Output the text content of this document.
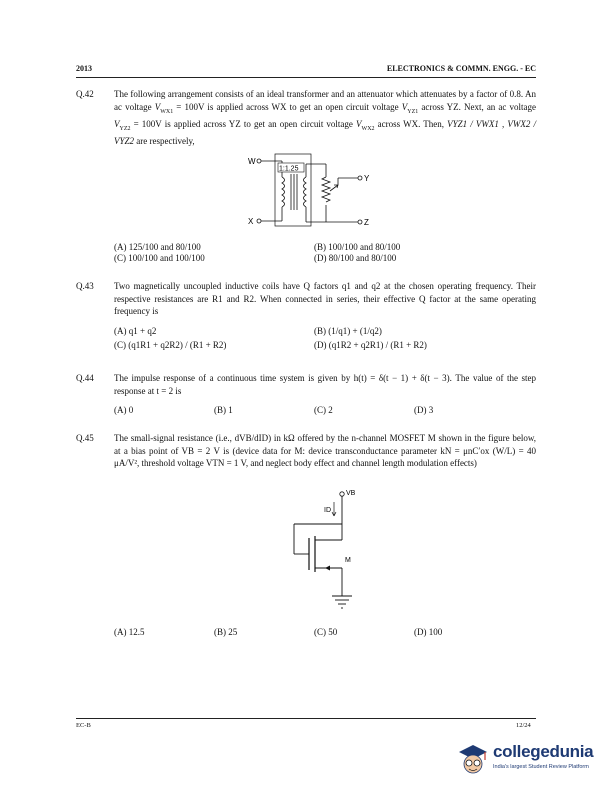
2013	ELECTRONICS & COMMN. ENGG. - EC
Q.42 The following arrangement consists of an ideal transformer and an attenuator which attenuates by a factor of 0.8. An ac voltage $V_{WX1} = 100V$ is applied across WX to get an open circuit voltage $V_{YZ1}$ across YZ. Next, an ac voltage $V_{YZ2} = 100V$ is applied across YZ to get an open circuit voltage $V_{WX2}$ across WX. Then, VYZ1 / VWX1 , VWX2 / VYZ2 are respectively,
W
X
1:1.25
Y
Z
(A) 125/100 and 80/100	(B) 100/100 and 80/100
(C) 100/100 and 100/100	(D) 80/100 and 80/100
Q.43 Two magnetically uncoupled inductive coils have Q factors q1 and q2 at the chosen operating frequency. Their respective resistances are R1 and R2. When connected in series, their effective Q factor at the same operating frequency is
(A) q1 + q2	(B) (1/q1) + (1/q2)
(C) (q1R1 + q2R2) / (R1 + R2)	(D) (q1R2 + q2R1) / (R1 + R2)
Q.44 The impulse response of a continuous time system is given by h(t) = δ(t − 1) + δ(t − 3). The value of the step response at t = 2 is
(A) 0	(B) 1	(C) 2	(D) 3
Q.45 The small-signal resistance (i.e., dVB/dID) in kΩ offered by the n-channel MOSFET M shown in the figure below, at a bias point of VB = 2 V is (device data for M: device transconductance parameter kN = μnC′ox (W/L) = 40 μA/V², threshold voltage VTN = 1 V, and neglect body effect and channel length modulation effects)
VB
ID
M
(A) 12.5	(B) 25	(C) 50	(D) 100
EC-B	12/24
collegedunia
India's largest Student Review Platform
